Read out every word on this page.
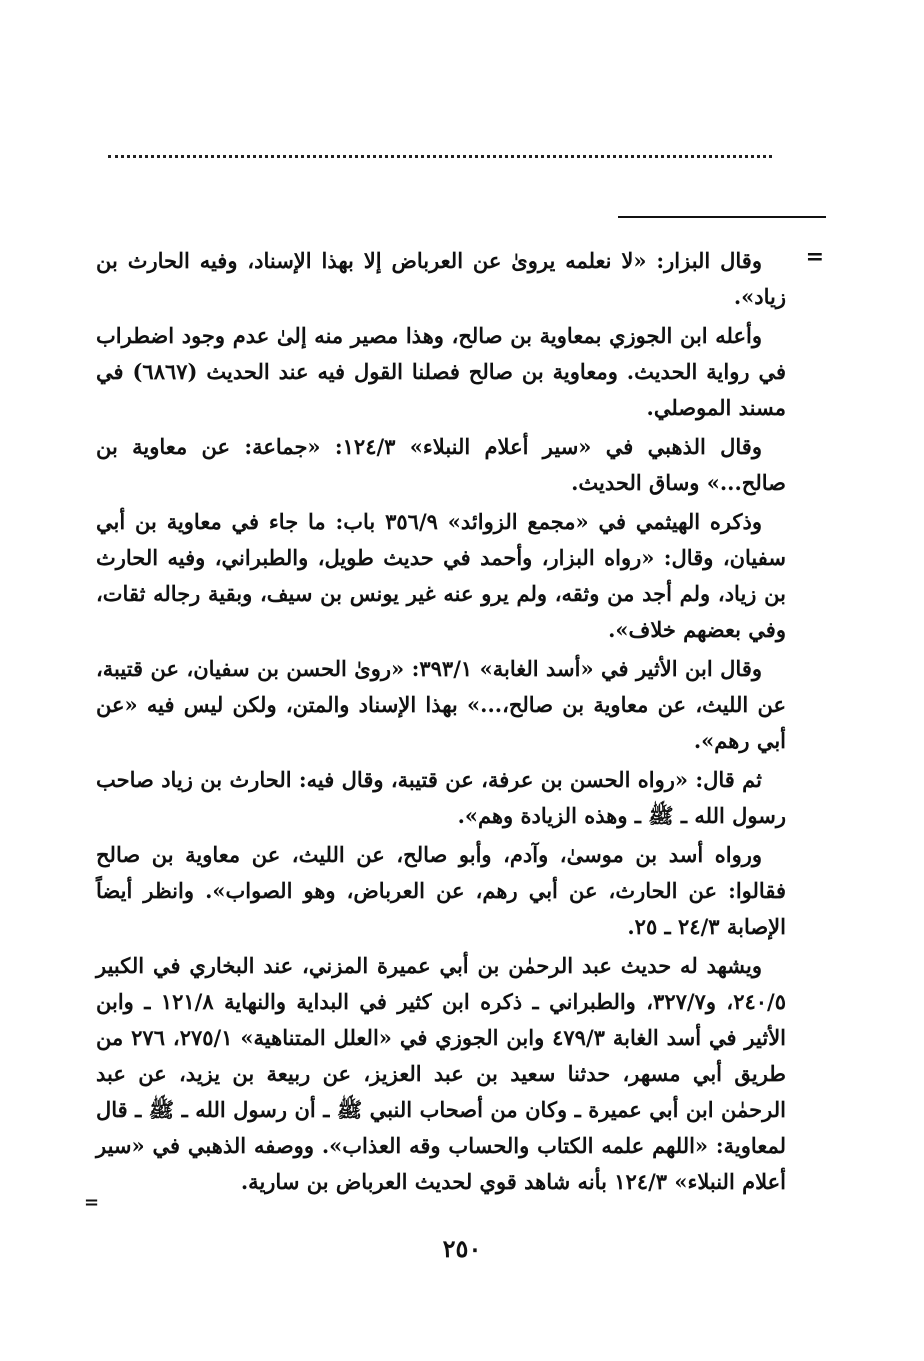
=

وقال البزار: «لا نعلمه يروىٰ عن العرباض إلا بهذا الإسناد، وفيه الحارث بن زياد».

وأعله ابن الجوزي بمعاوية بن صالح، وهذا مصير منه إلىٰ عدم وجود اضطراب في رواية الحديث. ومعاوية بن صالح فصلنا القول فيه عند الحديث (٦٨٦٧) في مسند الموصلي.

وقال الذهبي في «سير أعلام النبلاء» ١٢٤/٣: «جماعة: عن معاوية بن صالح...» وساق الحديث.

وذكره الهيثمي في «مجمع الزوائد» ٣٥٦/٩ باب: ما جاء في معاوية بن أبي سفيان، وقال: «رواه البزار، وأحمد في حديث طويل، والطبراني، وفيه الحارث بن زياد، ولم أجد من وثقه، ولم يرو عنه غير يونس بن سيف، وبقية رجاله ثقات، وفي بعضهم خلاف».

وقال ابن الأثير في «أسد الغابة» ٣٩٣/١: «روىٰ الحسن بن سفيان، عن قتيبة، عن الليث، عن معاوية بن صالح،...» بهذا الإسناد والمتن، ولكن ليس فيه «عن أبي رهم».

ثم قال: «رواه الحسن بن عرفة، عن قتيبة، وقال فيه: الحارث بن زياد صاحب رسول الله ـ ﷺ ـ وهذه الزيادة وهم».

ورواه أسد بن موسىٰ، وآدم، وأبو صالح، عن الليث، عن معاوية بن صالح فقالوا: عن الحارث، عن أبي رهم، عن العرباض، وهو الصواب». وانظر أيضاً الإصابة ٢٤/٣ ـ ٢٥.

ويشهد له حديث عبد الرحمٰن بن أبي عميرة المزني، عند البخاري في الكبير ٢٤٠/٥، و٣٢٧/٧، والطبراني ـ ذكره ابن كثير في البداية والنهاية ١٢١/٨ ـ وابن الأثير في أسد الغابة ٤٧٩/٣ وابن الجوزي في «العلل المتناهية» ٢٧٥/١، ٢٧٦ من طريق أبي مسهر، حدثنا سعيد بن عبد العزيز، عن ربيعة بن يزيد، عن عبد الرحمٰن ابن أبي عميرة ـ وكان من أصحاب النبي ﷺ ـ أن رسول الله ـ ﷺ ـ قال لمعاوية: «اللهم علمه الكتاب والحساب وقه العذاب». ووصفه الذهبي في «سير أعلام النبلاء» ١٢٤/٣ بأنه شاهد قوي لحديث العرباض بن سارية.

=
٢٥٠
